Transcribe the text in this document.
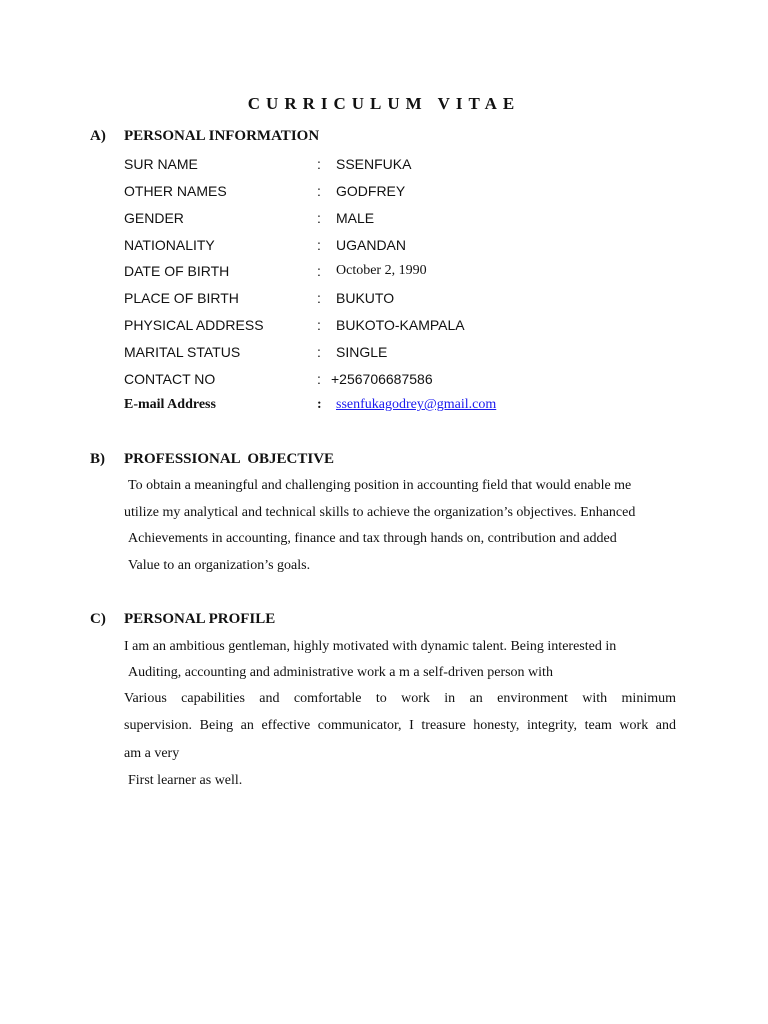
CURRICULUM VITAE
A) PERSONAL INFORMATION
SUR NAME	: SSENFUKA
OTHER NAMES	: GODFREY
GENDER	: MALE
NATIONALITY	: UGANDAN
DATE OF BIRTH	: October 2, 1990
PLACE OF BIRTH	: BUKUTO
PHYSICAL ADDRESS	: BUKOTO-KAMPALA
MARITAL STATUS	: SINGLE
CONTACT NO	: +256706687586
E-mail Address	: ssenfukagodrey@gmail.com
B) PROFESSIONAL  OBJECTIVE
To obtain a meaningful and challenging position in accounting field that would enable me
utilize my analytical and technical skills to achieve the organization’s objectives. Enhanced
Achievements in accounting, finance and tax through hands on, contribution and added
Value to an organization’s goals.
C) PERSONAL PROFILE
I am an ambitious gentleman, highly motivated with dynamic talent. Being interested in
Auditing, accounting and administrative work a m a self-driven person with
Various capabilities and comfortable to work in an environment with minimum
supervision. Being an effective communicator, I treasure honesty, integrity, team work and
am a very
First learner as well.
